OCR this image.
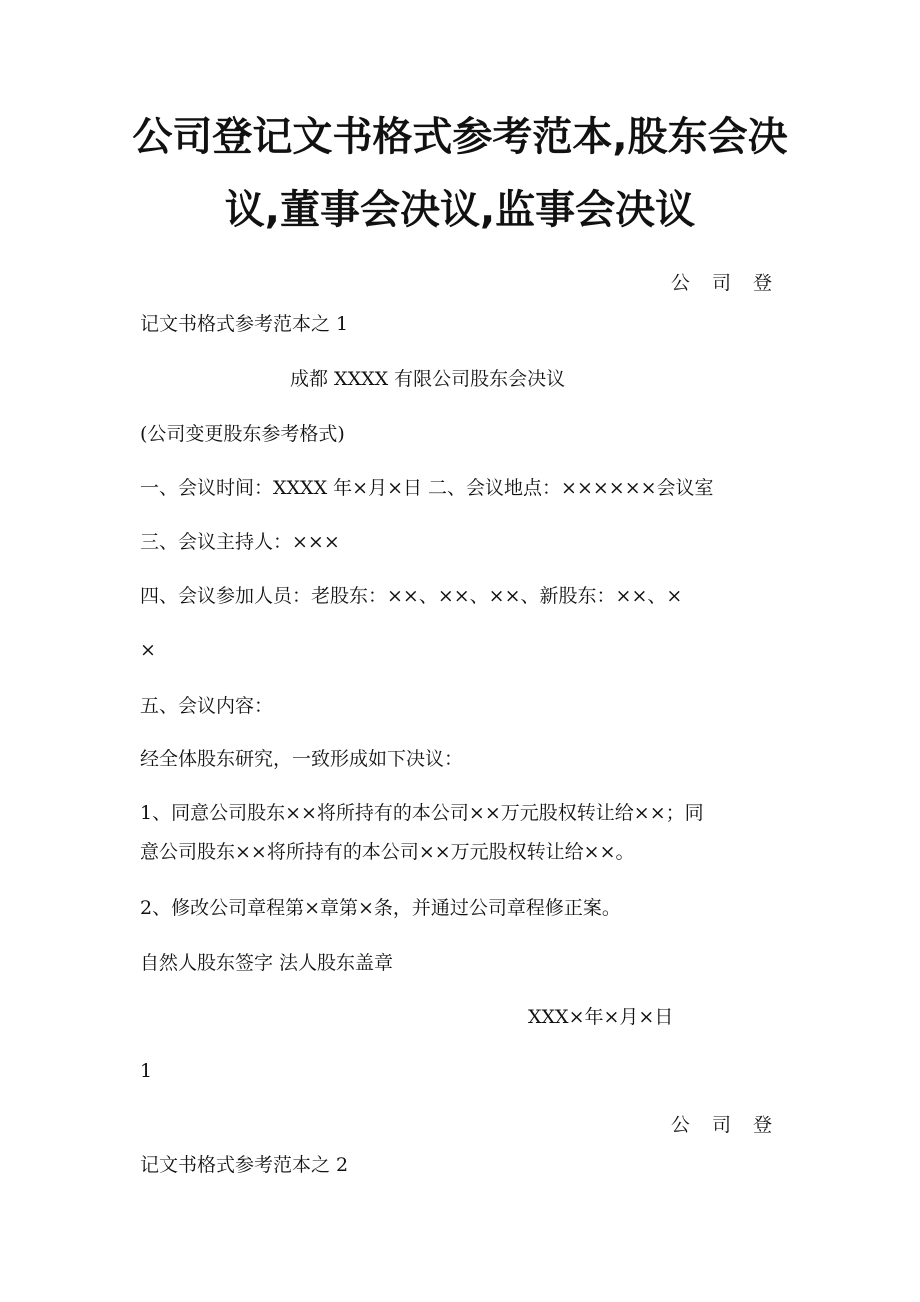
公司登记文书格式参考范本,股东会决
议,董事会决议,监事会决议
公 司 登
记文书格式参考范本之 1
成都 XXXX 有限公司股东会决议
(公司变更股东参考格式)
一、会议时间：XXXX 年×月×日 二、会议地点：××××××会议室
三、会议主持人：×××
四、会议参加人员：老股东：××、××、××、新股东：××、×
×
五、会议内容：
经全体股东研究，一致形成如下决议：
1、同意公司股东××将所持有的本公司××万元股权转让给××；同
意公司股东××将所持有的本公司××万元股权转让给××。
2、修改公司章程第×章第×条，并通过公司章程修正案。
自然人股东签字 法人股东盖章
XXX×年×月×日
1
公 司 登
记文书格式参考范本之 2
